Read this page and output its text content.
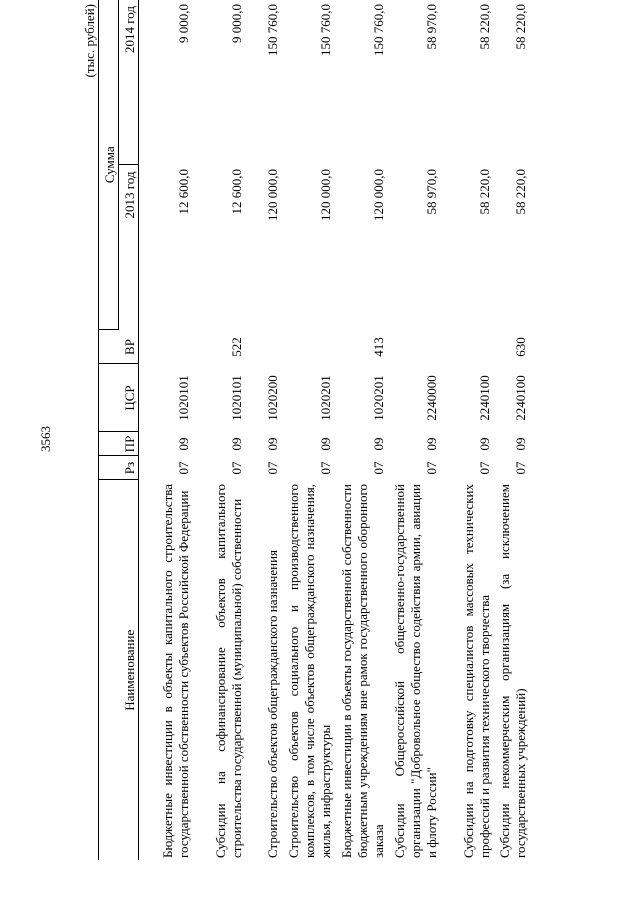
3563
(тыс. рублей)
Наименование	Рз	ПР	ЦСР	ВР	Сумма	
					2013 год	2014 год
Бюджетные инвестиции в объекты капитального строительства государственной собственности субъектов Российской Федерации	07	09	1020101		12 600,0	9 000,0
Субсидии на софинансирование объектов капитального строительства государственной (муниципальной) собственности	07	09	1020101	522	12 600,0	9 000,0
Строительство объектов общегражданского назначения	07	09	1020200		120 000,0	150 760,0
Строительство объектов социального и производственного комплексов, в том числе объектов общегражданского назначения, жилья, инфраструктуры	07	09	1020201		120 000,0	150 760,0
Бюджетные инвестиции в объекты государственной собственности бюджетным учреждениям вне рамок государственного оборонного заказа	07	09	1020201	413	120 000,0	150 760,0
Субсидии Общероссийской общественно-государственной организации "Добровольное общество содействия армии, авиации и флоту России"	07	09	2240000		58 970,0	58 970,0
Субсидии на подготовку специалистов массовых технических профессий и развития технического творчества	07	09	2240100		58 220,0	58 220,0
Субсидии некоммерческим организациям (за исключением государственных учреждений)	07	09	2240100	630	58 220,0	58 220,0
